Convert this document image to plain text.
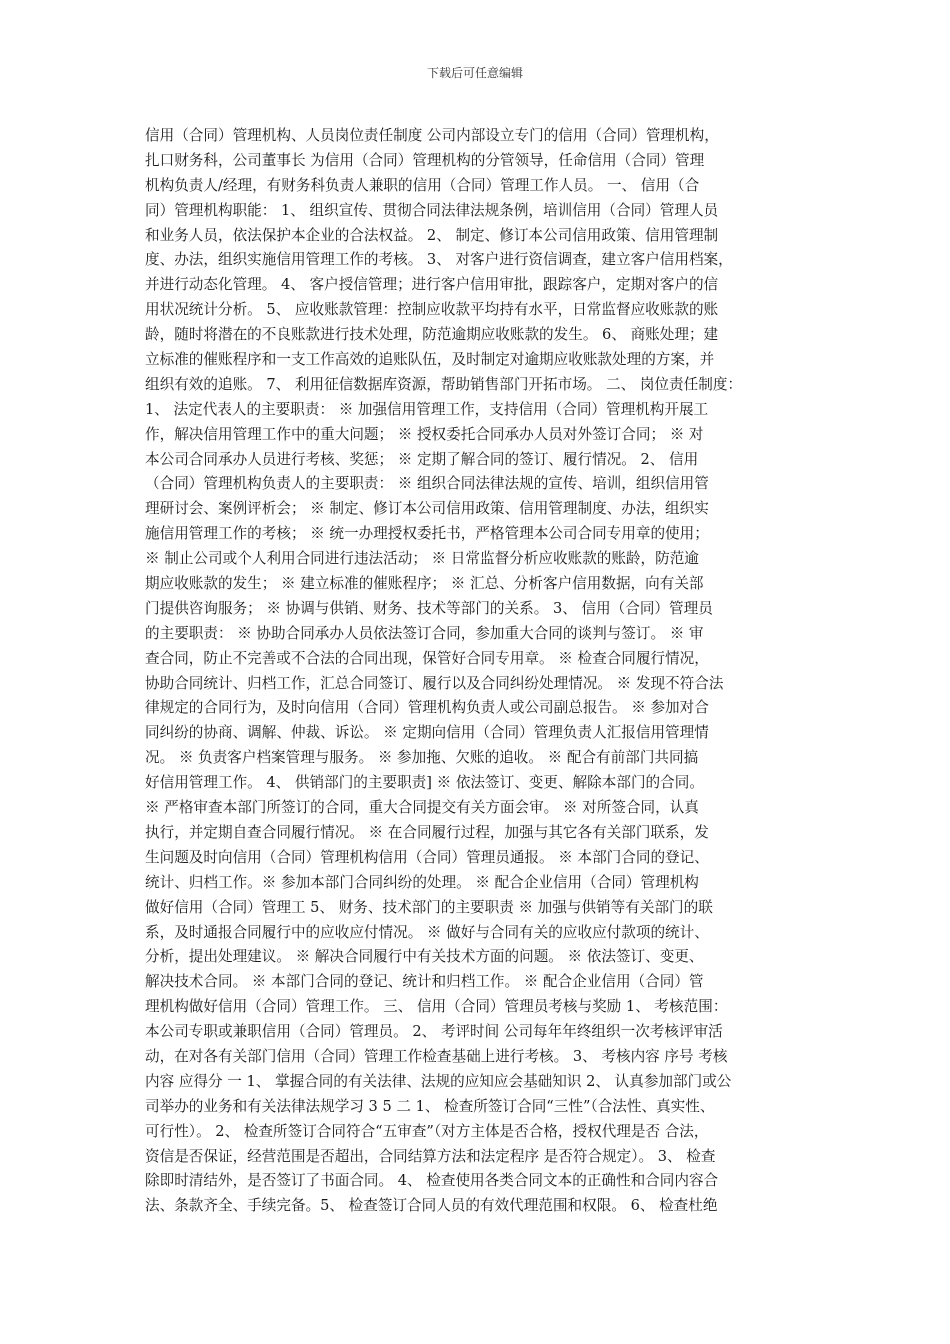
下载后可任意编辑
信用（合同）管理机构、人员岗位责任制度 公司内部设立专门的信用（合同）管理机构，
扎口财务科，公司董事长 为信用（合同）管理机构的分管领导，任命信用（合同）管理
机构负责人/经理，有财务科负责人兼职的信用（合同）管理工作人员。 一、 信用（合
同）管理机构职能： 1、 组织宣传、贯彻合同法律法规条例，培训信用（合同）管理人员
和业务人员，依法保护本企业的合法权益。 2、 制定、修订本公司信用政策、信用管理制
度、办法，组织实施信用管理工作的考核。 3、 对客户进行资信调查，建立客户信用档案，
并进行动态化管理。 4、 客户授信管理；进行客户信用审批，跟踪客户，定期对客户的信
用状况统计分析。 5、 应收账款管理：控制应收款平均持有水平，日常监督应收账款的账
龄，随时将潜在的不良账款进行技术处理，防范逾期应收账款的发生。 6、 商账处理；建
立标准的催账程序和一支工作高效的追账队伍，及时制定对逾期应收账款处理的方案，并
组织有效的追账。 7、 利用征信数据库资源，帮助销售部门开拓市场。 二、 岗位责任制度：
1、 法定代表人的主要职责： ※ 加强信用管理工作，支持信用（合同）管理机构开展工
作，解决信用管理工作中的重大问题； ※ 授权委托合同承办人员对外签订合同； ※ 对
本公司合同承办人员进行考核、奖惩； ※ 定期了解合同的签订、履行情况。 2、 信用
（合同）管理机构负责人的主要职责： ※ 组织合同法律法规的宣传、培训，组织信用管
理研讨会、案例评析会； ※ 制定、修订本公司信用政策、信用管理制度、办法，组织实
施信用管理工作的考核； ※ 统一办理授权委托书，严格管理本公司合同专用章的使用；
※ 制止公司或个人利用合同进行违法活动； ※ 日常监督分析应收账款的账龄，防范逾
期应收账款的发生； ※ 建立标准的催账程序； ※ 汇总、分析客户信用数据，向有关部
门提供咨询服务； ※ 协调与供销、财务、技术等部门的关系。 3、 信用（合同）管理员
的主要职责： ※ 协助合同承办人员依法签订合同，参加重大合同的谈判与签订。 ※ 审
查合同，防止不完善或不合法的合同出现，保管好合同专用章。 ※ 检查合同履行情况，
协助合同统计、归档工作，汇总合同签订、履行以及合同纠纷处理情况。 ※ 发现不符合法
律规定的合同行为，及时向信用（合同）管理机构负责人或公司副总报告。 ※ 参加对合
同纠纷的协商、调解、仲裁、诉讼。 ※ 定期向信用（合同）管理负责人汇报信用管理情
况。 ※ 负责客户档案管理与服务。 ※ 参加拖、欠账的追收。 ※ 配合有前部门共同搞
好信用管理工作。 4、 供销部门的主要职责] ※ 依法签订、变更、解除本部门的合同。
※ 严格审查本部门所签订的合同，重大合同提交有关方面会审。 ※ 对所签合同，认真
执行，并定期自查合同履行情况。 ※ 在合同履行过程，加强与其它各有关部门联系，发
生问题及时向信用（合同）管理机构信用（合同）管理员通报。 ※ 本部门合同的登记、
统计、归档工作。※ 参加本部门合同纠纷的处理。 ※ 配合企业信用（合同）管理机构
做好信用（合同）管理工 5、 财务、技术部门的主要职责 ※ 加强与供销等有关部门的联
系，及时通报合同履行中的应收应付情况。 ※ 做好与合同有关的应收应付款项的统计、
分析，提出处理建议。 ※ 解决合同履行中有关技术方面的问题。 ※ 依法签订、变更、
解决技术合同。 ※ 本部门合同的登记、统计和归档工作。 ※ 配合企业信用（合同）管
理机构做好信用（合同）管理工作。 三、 信用（合同）管理员考核与奖励 1、 考核范围：
本公司专职或兼职信用（合同）管理员。 2、 考评时间 公司每年年终组织一次考核评审活
动，在对各有关部门信用（合同）管理工作检查基础上进行考核。 3、 考核内容 序号 考核
内容 应得分 一 1、 掌握合同的有关法律、法规的应知应会基础知识 2、 认真参加部门或公
司举办的业务和有关法律法规学习 3 5 二 1、 检查所签订合同“三性”（合法性、真实性、
可行性）。 2、 检查所签订合同符合“五审查”（对方主体是否合格，授权代理是否 合法，
资信是否保证，经营范围是否超出，合同结算方法和法定程序 是否符合规定）。 3、 检查
除即时清结外，是否签订了书面合同。 4、 检查使用各类合同文本的正确性和合同内容合
法、条款齐全、手续完备。5、 检查签订合同人员的有效代理范围和权限。 6、 检查杜绝
